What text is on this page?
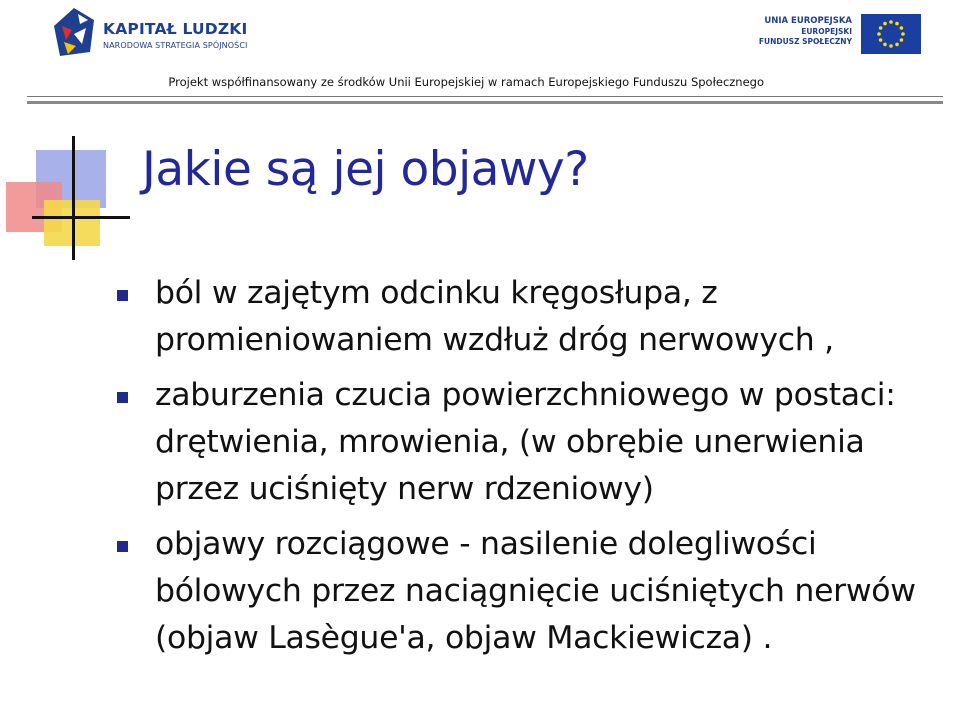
KAPITAŁ LUDZKI
NARODOWA STRATEGIA SPÓJNOŚCI
UNIA EUROPEJSKA
EUROPEJSKI
FUNDUSZ SPOŁECZNY
Projekt współfinansowany ze środków Unii Europejskiej w ramach Europejskiego Funduszu Społecznego
Jakie są jej objawy?
ból w zajętym odcinku kręgosłupa, z promieniowaniem wzdłuż dróg nerwowych ,
zaburzenia czucia powierzchniowego w postaci: drętwienia, mrowienia, (w obrębie unerwienia przez uciśnięty nerw rdzeniowy)
objawy rozciągowe - nasilenie dolegliwości bólowych przez naciągnięcie uciśniętych nerwów (objaw Lasègue'a, objaw Mackiewicza) .
